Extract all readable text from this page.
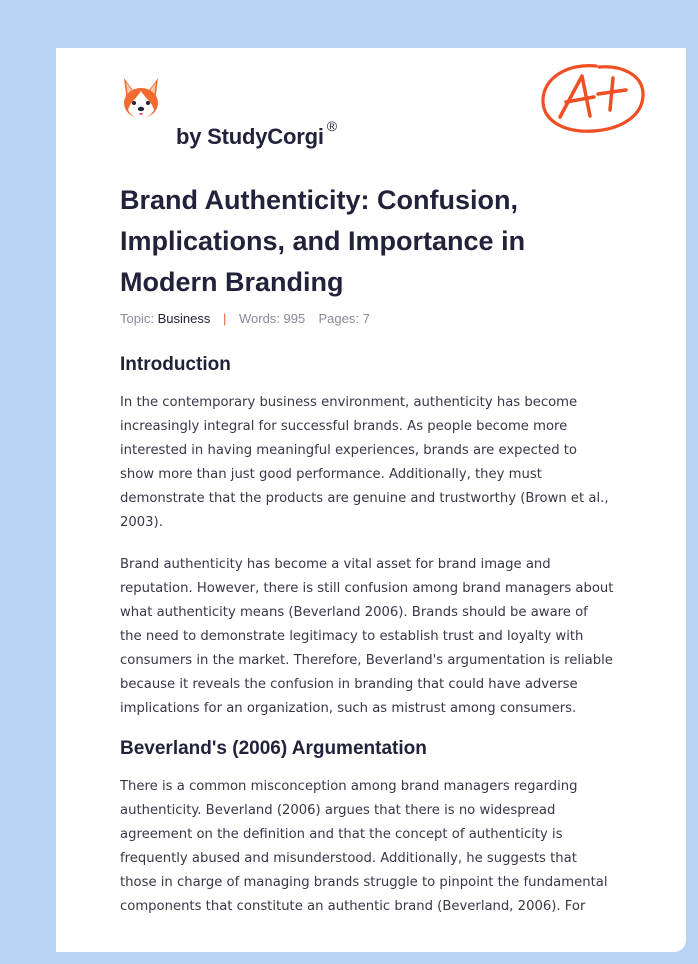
by StudyCorgi ®
Brand Authenticity: Confusion, Implications, and Importance in Modern Branding
Topic: Business | Words: 995 Pages: 7
Introduction

In the contemporary business environment, authenticity has become
increasingly integral for successful brands. As people become more
interested in having meaningful experiences, brands are expected to
show more than just good performance. Additionally, they must
demonstrate that the products are genuine and trustworthy (Brown et al.,
2003).

Brand authenticity has become a vital asset for brand image and
reputation. However, there is still confusion among brand managers about
what authenticity means (Beverland 2006). Brands should be aware of
the need to demonstrate legitimacy to establish trust and loyalty with
consumers in the market. Therefore, Beverland's argumentation is reliable
because it reveals the confusion in branding that could have adverse
implications for an organization, such as mistrust among consumers.

Beverland's (2006) Argumentation

There is a common misconception among brand managers regarding
authenticity. Beverland (2006) argues that there is no widespread
agreement on the definition and that the concept of authenticity is
frequently abused and misunderstood. Additionally, he suggests that
those in charge of managing brands struggle to pinpoint the fundamental
components that constitute an authentic brand (Beverland, 2006). For
